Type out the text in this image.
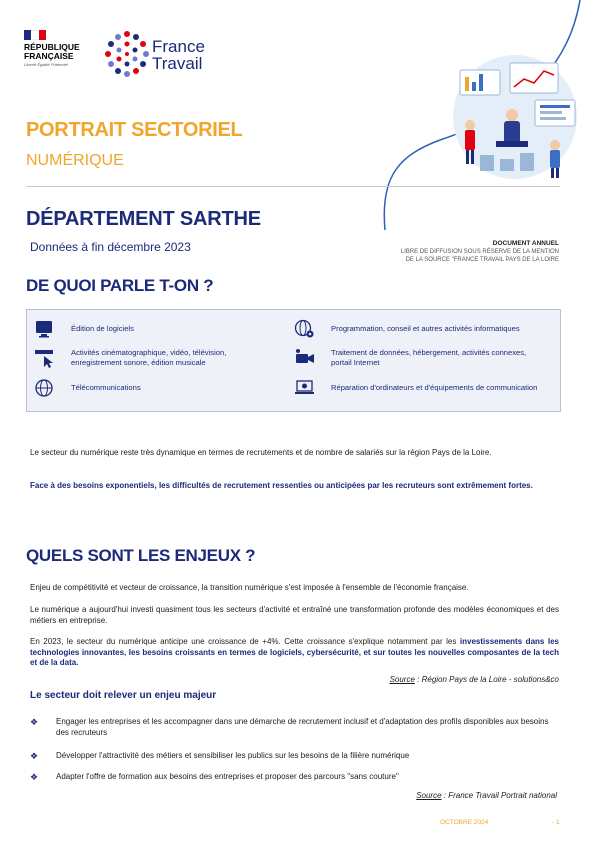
RÉPUBLIQUE FRANÇAISE
Liberté Égalité Fraternité
France Travail
PORTRAIT SECTORIEL
NUMÉRIQUE
DÉPARTEMENT SARTHE
Données à fin décembre 2023	DOCUMENT ANNUEL
LIBRE DE DIFFUSION SOUS RÉSERVE DE LA MENTION
DE LA SOURCE "FRANCE TRAVAIL PAYS DE LA LOIRE
DE QUOI PARLE T-ON ?
Édition de logiciels
Activités cinématographique, vidéo, télévision, enregistrement sonore, édition musicale
Télécommunications
Programmation, conseil et autres activités informatiques
Traitement de données, hébergement, activités connexes, portail Internet
Réparation d'ordinateurs et d'équipements de communication
Le secteur du numérique reste très dynamique en termes de recrutements et de nombre de salariés sur la région Pays de la Loire.
Face à des besoins exponentiels, les difficultés de recrutement ressenties ou anticipées par les recruteurs sont extrêmement fortes.
QUELS SONT LES ENJEUX ?
Enjeu de compétitivité et vecteur de croissance, la transition numérique s'est imposée à l'ensemble de l'économie française.
Le numérique a aujourd'hui investi quasiment tous les secteurs d'activité et entraîné une transformation profonde des modèles économiques et des métiers en entreprise.
En 2023, le secteur du numérique anticipe une croissance de +4%. Cette croissance s'explique notamment par les investissements dans les technologies innovantes, les besoins croissants en termes de logiciels, cybersécurité, et sur toutes les nouvelles composantes de la tech et de la data.
Source : Région Pays de la Loire - solutions&co
Le secteur doit relever un enjeu majeur
❖	Engager les entreprises et les accompagner dans une démarche de recrutement inclusif et d'adaptation des profils disponibles aux besoins des recruteurs
❖	Développer l'attractivité des métiers et sensibiliser les publics sur les besoins de la filière numérique
❖	Adapter l'offre de formation aux besoins des entreprises et proposer des parcours "sans couture"
Source : France Travail Portrait national
OCTOBRE 2024	- 1
